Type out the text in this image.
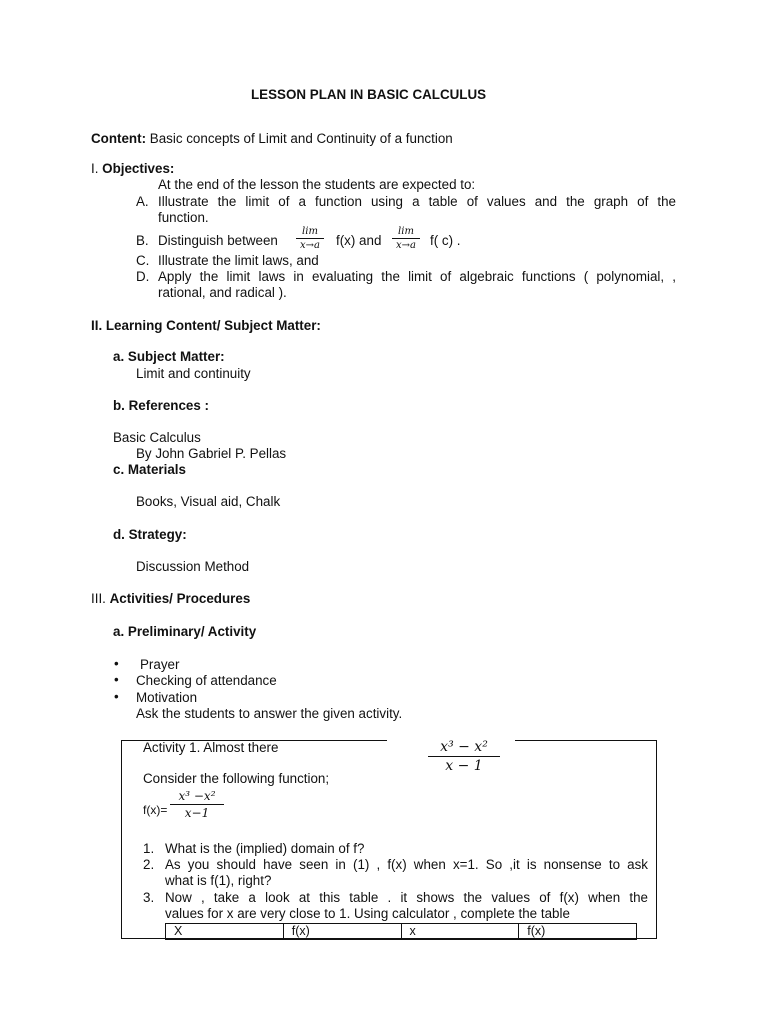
LESSON PLAN IN BASIC CALCULUS
Content: Basic concepts of Limit and Continuity of a function
I. Objectives:
At the end of the lesson the students are expected to:
A. Illustrate the limit of a function using a table of values and the graph of the
function.
B. Distinguish between
lim
x→a f(x) and
lim
x→a f( c) .
C. Illustrate the limit laws, and
D. Apply the limit laws in evaluating the limit of algebraic functions ( polynomial, ,
rational, and radical ).
II. Learning Content/ Subject Matter:
a. Subject Matter:
Limit and continuity
b. References :
Basic Calculus
By John Gabriel P. Pellas
c. Materials
Books, Visual aid, Chalk
d. Strategy:
Discussion Method
III. Activities/ Procedures
a. Preliminary/ Activity
• Prayer
• Checking of attendance
• Motivation
Ask the students to answer the given activity.
Activity 1. Almost there	x³ − x²
x − 1
Consider the following function;
f(x)=
x³ −x²
x−1
1. What is the (implied) domain of f?
2. As you should have seen in (1) , f(x) when x=1. So ,it is nonsense to ask
what is f(1), right?
3. Now , take a look at this table . it shows the values of f(x) when the
values for x are very close to 1. Using calculator , complete the table
X	f(x)	x	f(x)
